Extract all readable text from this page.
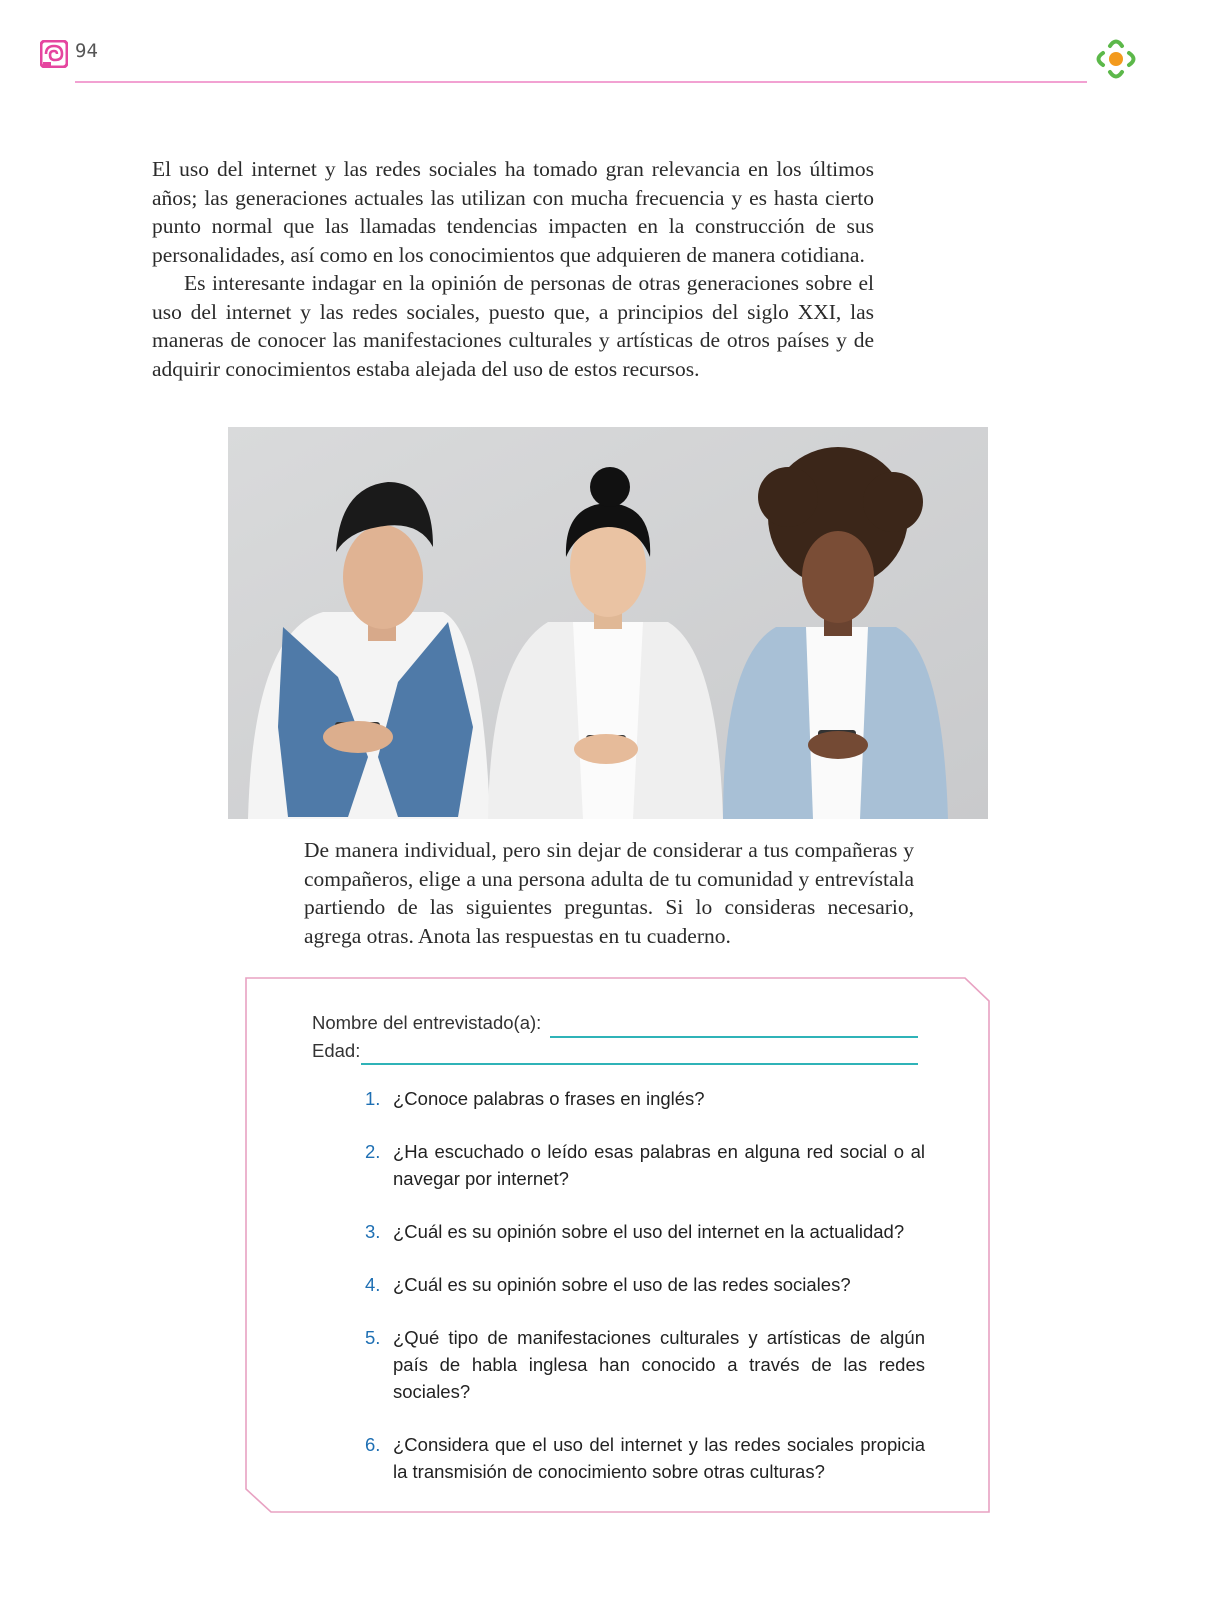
94

El uso del internet y las redes sociales ha tomado gran relevancia en los últimos años; las generaciones actuales las utilizan con mucha frecuencia y es hasta cierto punto normal que las llamadas tendencias impacten en la construcción de sus personalidades, así como en los conocimientos que adquieren de manera cotidiana.

Es interesante indagar en la opinión de personas de otras generaciones sobre el uso del internet y las redes sociales, puesto que, a principios del siglo XXI, las maneras de conocer las manifestaciones culturales y artísticas de otros países y de adquirir conocimientos estaba alejada del uso de estos recursos.

De manera individual, pero sin dejar de considerar a tus compañeras y compañeros, elige a una persona adulta de tu comunidad y entrevístala partiendo de las siguientes preguntas. Si lo consideras necesario, agrega otras. Anota las respuestas en tu cuaderno.

Nombre del entrevistado(a):
Edad:
1. ¿Conoce palabras o frases en inglés?
2. ¿Ha escuchado o leído esas palabras en alguna red social o al navegar por internet?
3. ¿Cuál es su opinión sobre el uso del internet en la actualidad?
4. ¿Cuál es su opinión sobre el uso de las redes sociales?
5. ¿Qué tipo de manifestaciones culturales y artísticas de algún país de habla inglesa han conocido a través de las redes sociales?
6. ¿Considera que el uso del internet y las redes sociales propicia la transmisión de conocimiento sobre otras culturas?
